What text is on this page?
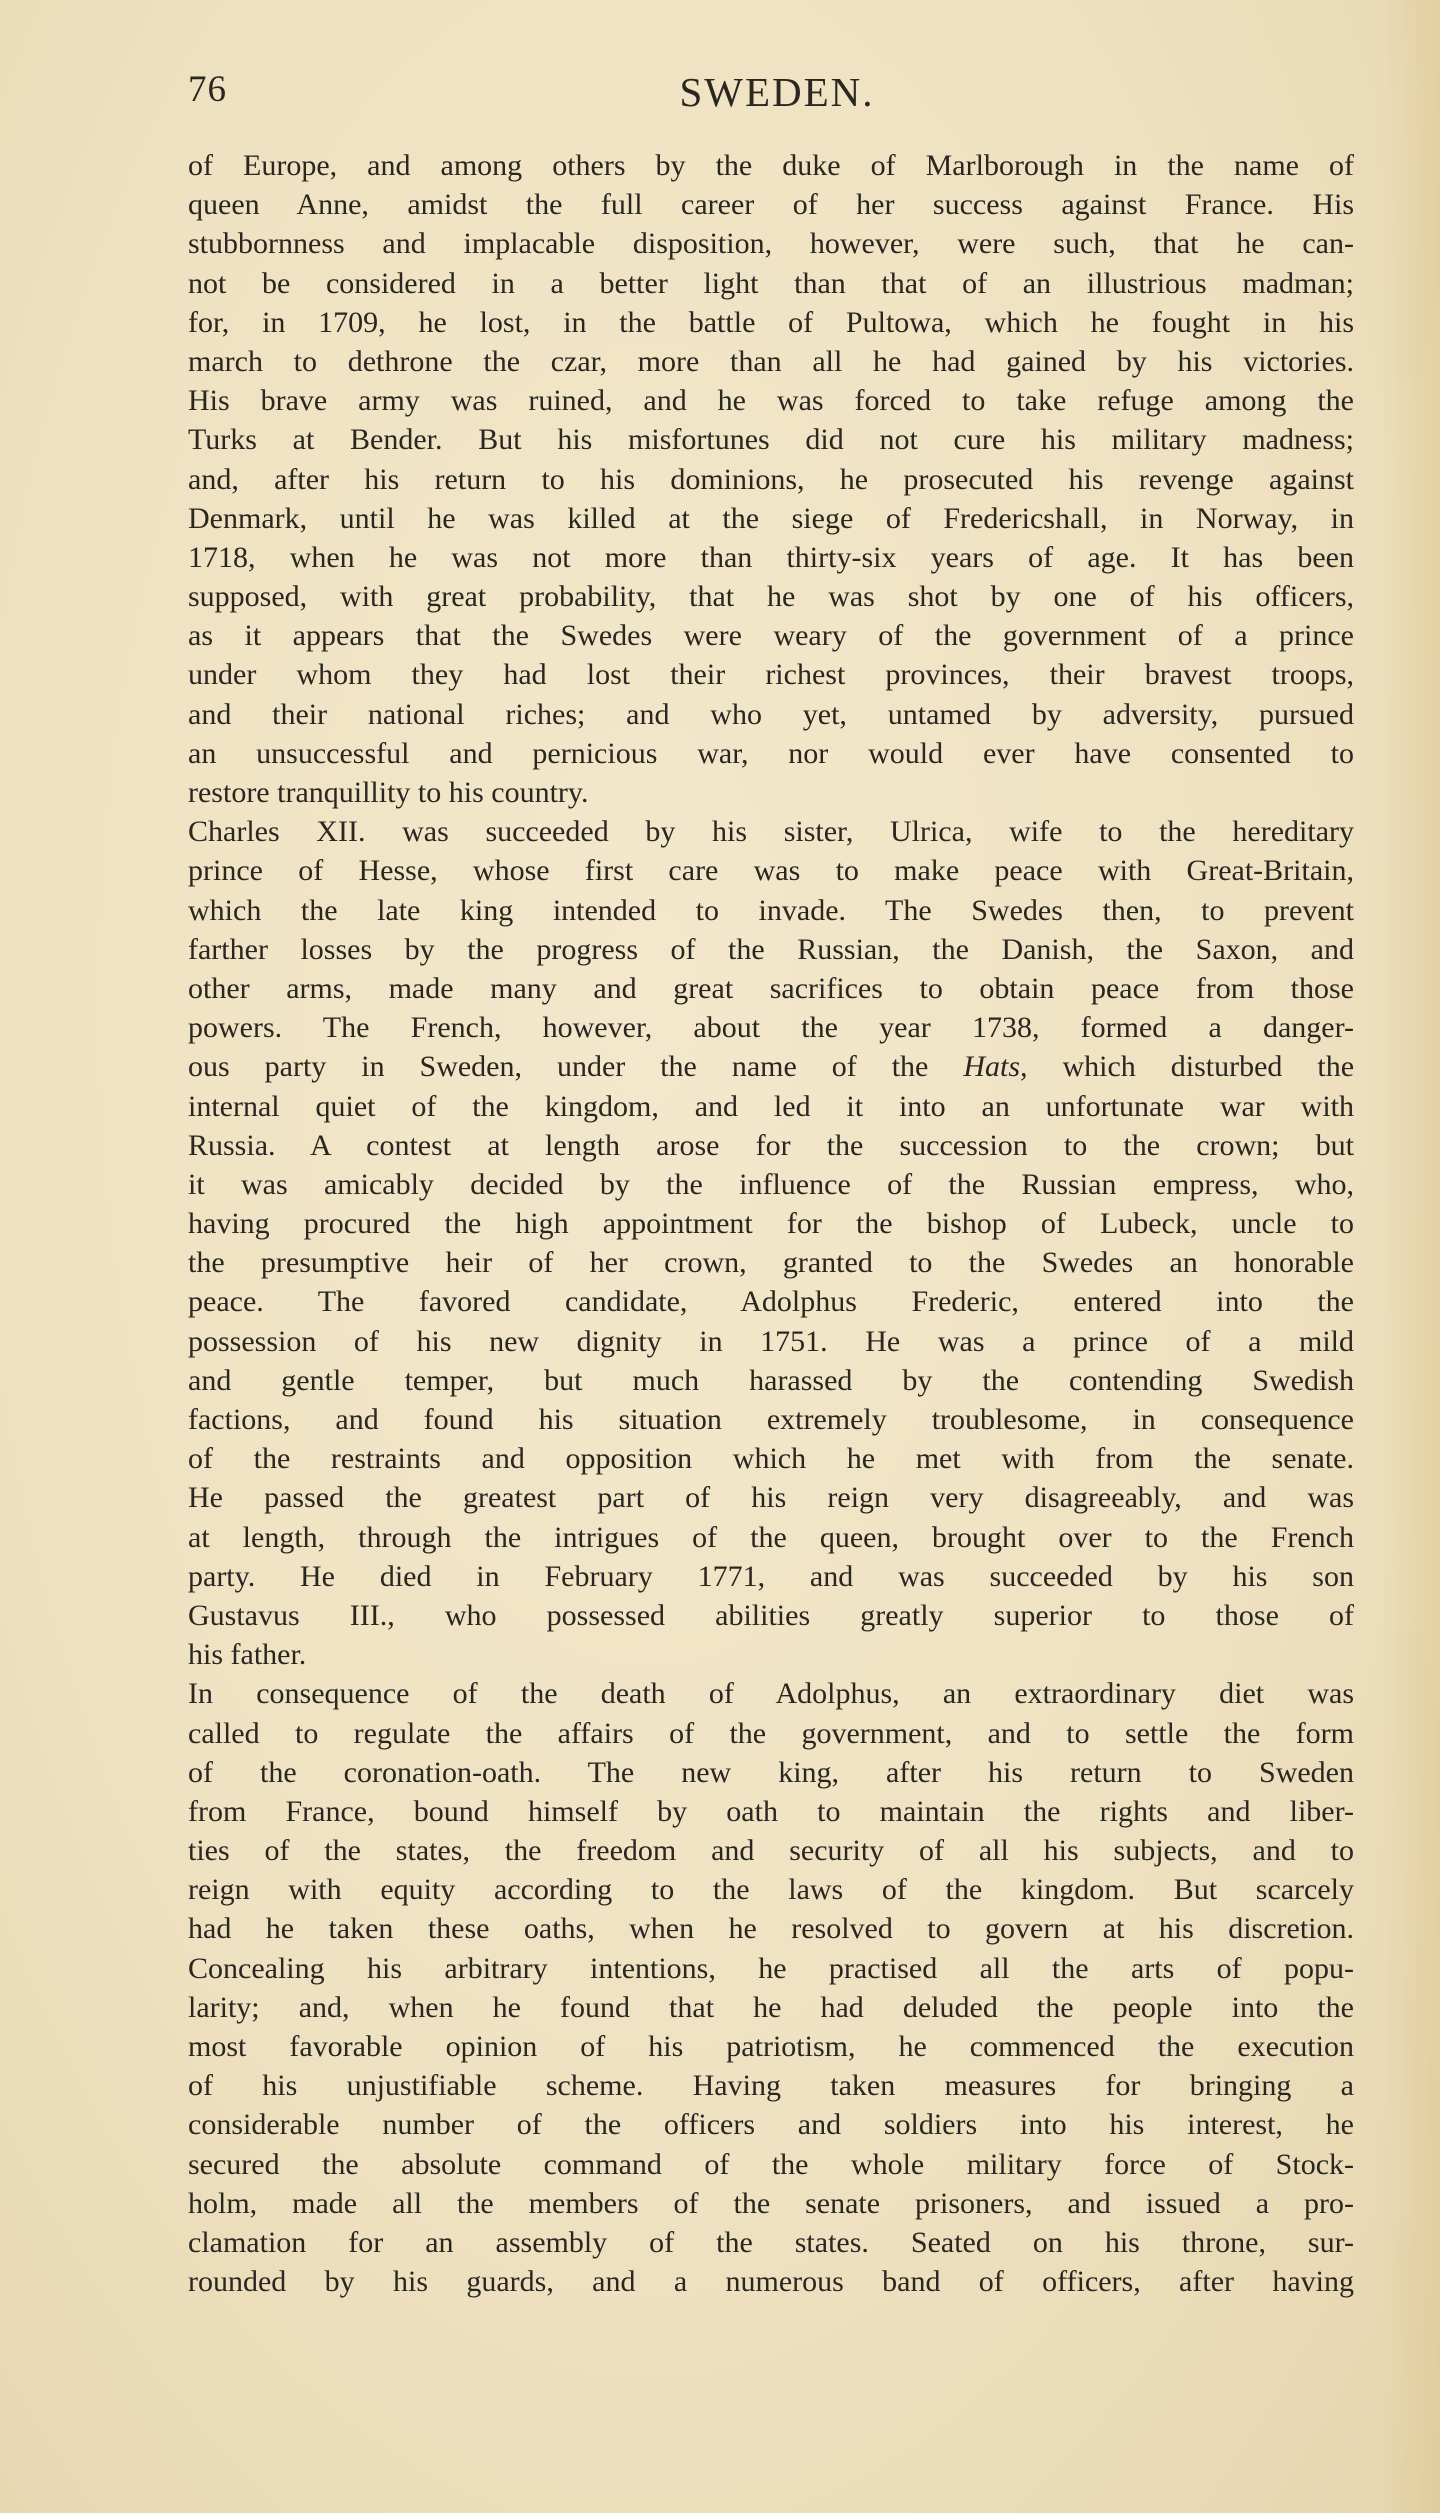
76	SWEDEN.
of Europe, and among others by the duke of Marlborough in the name of
queen Anne, amidst the full career of her success against France. His
stubbornness and implacable disposition, however, were such, that he can-
not be considered in a better light than that of an illustrious madman;
for, in 1709, he lost, in the battle of Pultowa, which he fought in his
march to dethrone the czar, more than all he had gained by his victories.
His brave army was ruined, and he was forced to take refuge among the
Turks at Bender. But his misfortunes did not cure his military madness;
and, after his return to his dominions, he prosecuted his revenge against
Denmark, until he was killed at the siege of Fredericshall, in Norway, in
1718, when he was not more than thirty-six years of age. It has been
supposed, with great probability, that he was shot by one of his officers,
as it appears that the Swedes were weary of the government of a prince
under whom they had lost their richest provinces, their bravest troops,
and their national riches; and who yet, untamed by adversity, pursued
an unsuccessful and pernicious war, nor would ever have consented to
restore tranquillity to his country.
Charles XII. was succeeded by his sister, Ulrica, wife to the hereditary
prince of Hesse, whose first care was to make peace with Great-Britain,
which the late king intended to invade. The Swedes then, to prevent
farther losses by the progress of the Russian, the Danish, the Saxon, and
other arms, made many and great sacrifices to obtain peace from those
powers. The French, however, about the year 1738, formed a danger-
ous party in Sweden, under the name of the Hats, which disturbed the
internal quiet of the kingdom, and led it into an unfortunate war with
Russia. A contest at length arose for the succession to the crown; but
it was amicably decided by the influence of the Russian empress, who,
having procured the high appointment for the bishop of Lubeck, uncle to
the presumptive heir of her crown, granted to the Swedes an honorable
peace. The favored candidate, Adolphus Frederic, entered into the
possession of his new dignity in 1751. He was a prince of a mild
and gentle temper, but much harassed by the contending Swedish
factions, and found his situation extremely troublesome, in consequence
of the restraints and opposition which he met with from the senate.
He passed the greatest part of his reign very disagreeably, and was
at length, through the intrigues of the queen, brought over to the French
party. He died in February 1771, and was succeeded by his son
Gustavus III., who possessed abilities greatly superior to those of
his father.
In consequence of the death of Adolphus, an extraordinary diet was
called to regulate the affairs of the government, and to settle the form
of the coronation-oath. The new king, after his return to Sweden
from France, bound himself by oath to maintain the rights and liber-
ties of the states, the freedom and security of all his subjects, and to
reign with equity according to the laws of the kingdom. But scarcely
had he taken these oaths, when he resolved to govern at his discretion.
Concealing his arbitrary intentions, he practised all the arts of popu-
larity; and, when he found that he had deluded the people into the
most favorable opinion of his patriotism, he commenced the execution
of his unjustifiable scheme. Having taken measures for bringing a
considerable number of the officers and soldiers into his interest, he
secured the absolute command of the whole military force of Stock-
holm, made all the members of the senate prisoners, and issued a pro-
clamation for an assembly of the states. Seated on his throne, sur-
rounded by his guards, and a numerous band of officers, after having
